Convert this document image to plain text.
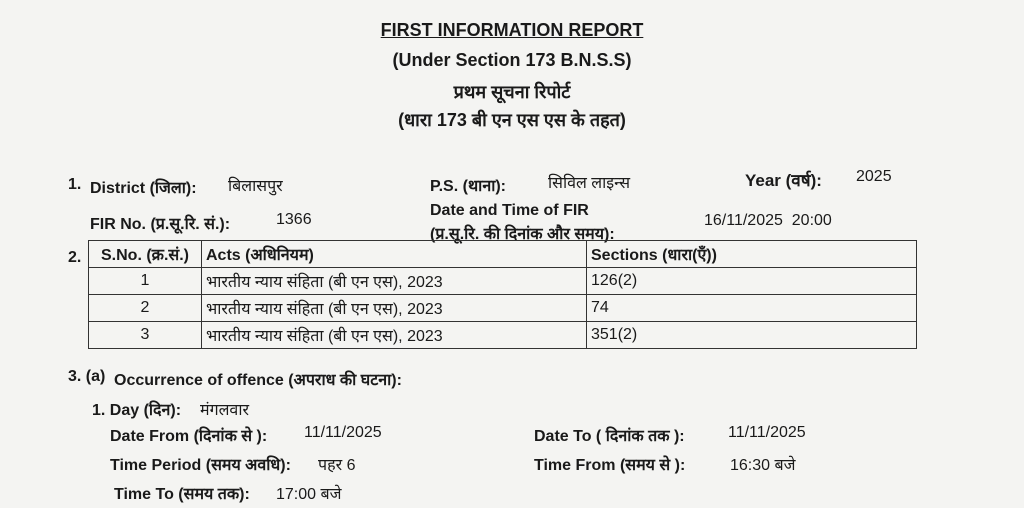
FIRST INFORMATION REPORT
(Under Section 173 B.N.S.S)
प्रथम सूचना रिपोर्ट
(धारा 173 बी एन एस एस के तहत)
1. District (जिला): बिलासपुर	P.S. (थाना):	सिविल लाइन्स	Year (वर्ष): 2025
FIR No. (प्र.सू.रि. सं.):	1366
Date and Time of FIR
(प्र.सू.रि. की दिनांक और समय):
16/11/2025  20:00
2. S.No. (क्र.सं.)	Acts (अधिनियम)	Sections (धारा(एँ))
1	भारतीय न्याय संहिता (बी एन एस), 2023	126(2)
2	भारतीय न्याय संहिता (बी एन एस), 2023	74
3	भारतीय न्याय संहिता (बी एन एस), 2023	351(2)
3. (a) Occurrence of offence (अपराध की घटना):
1. Day (दिन): मंगलवार
Date From (दिनांक से ): 11/11/2025	Date To ( दिनांक तक ):	11/11/2025
Time Period (समय अवधि): पहर 6	Time From (समय से ):	16:30 बजे
Time To (समय तक): 17:00 बजे
